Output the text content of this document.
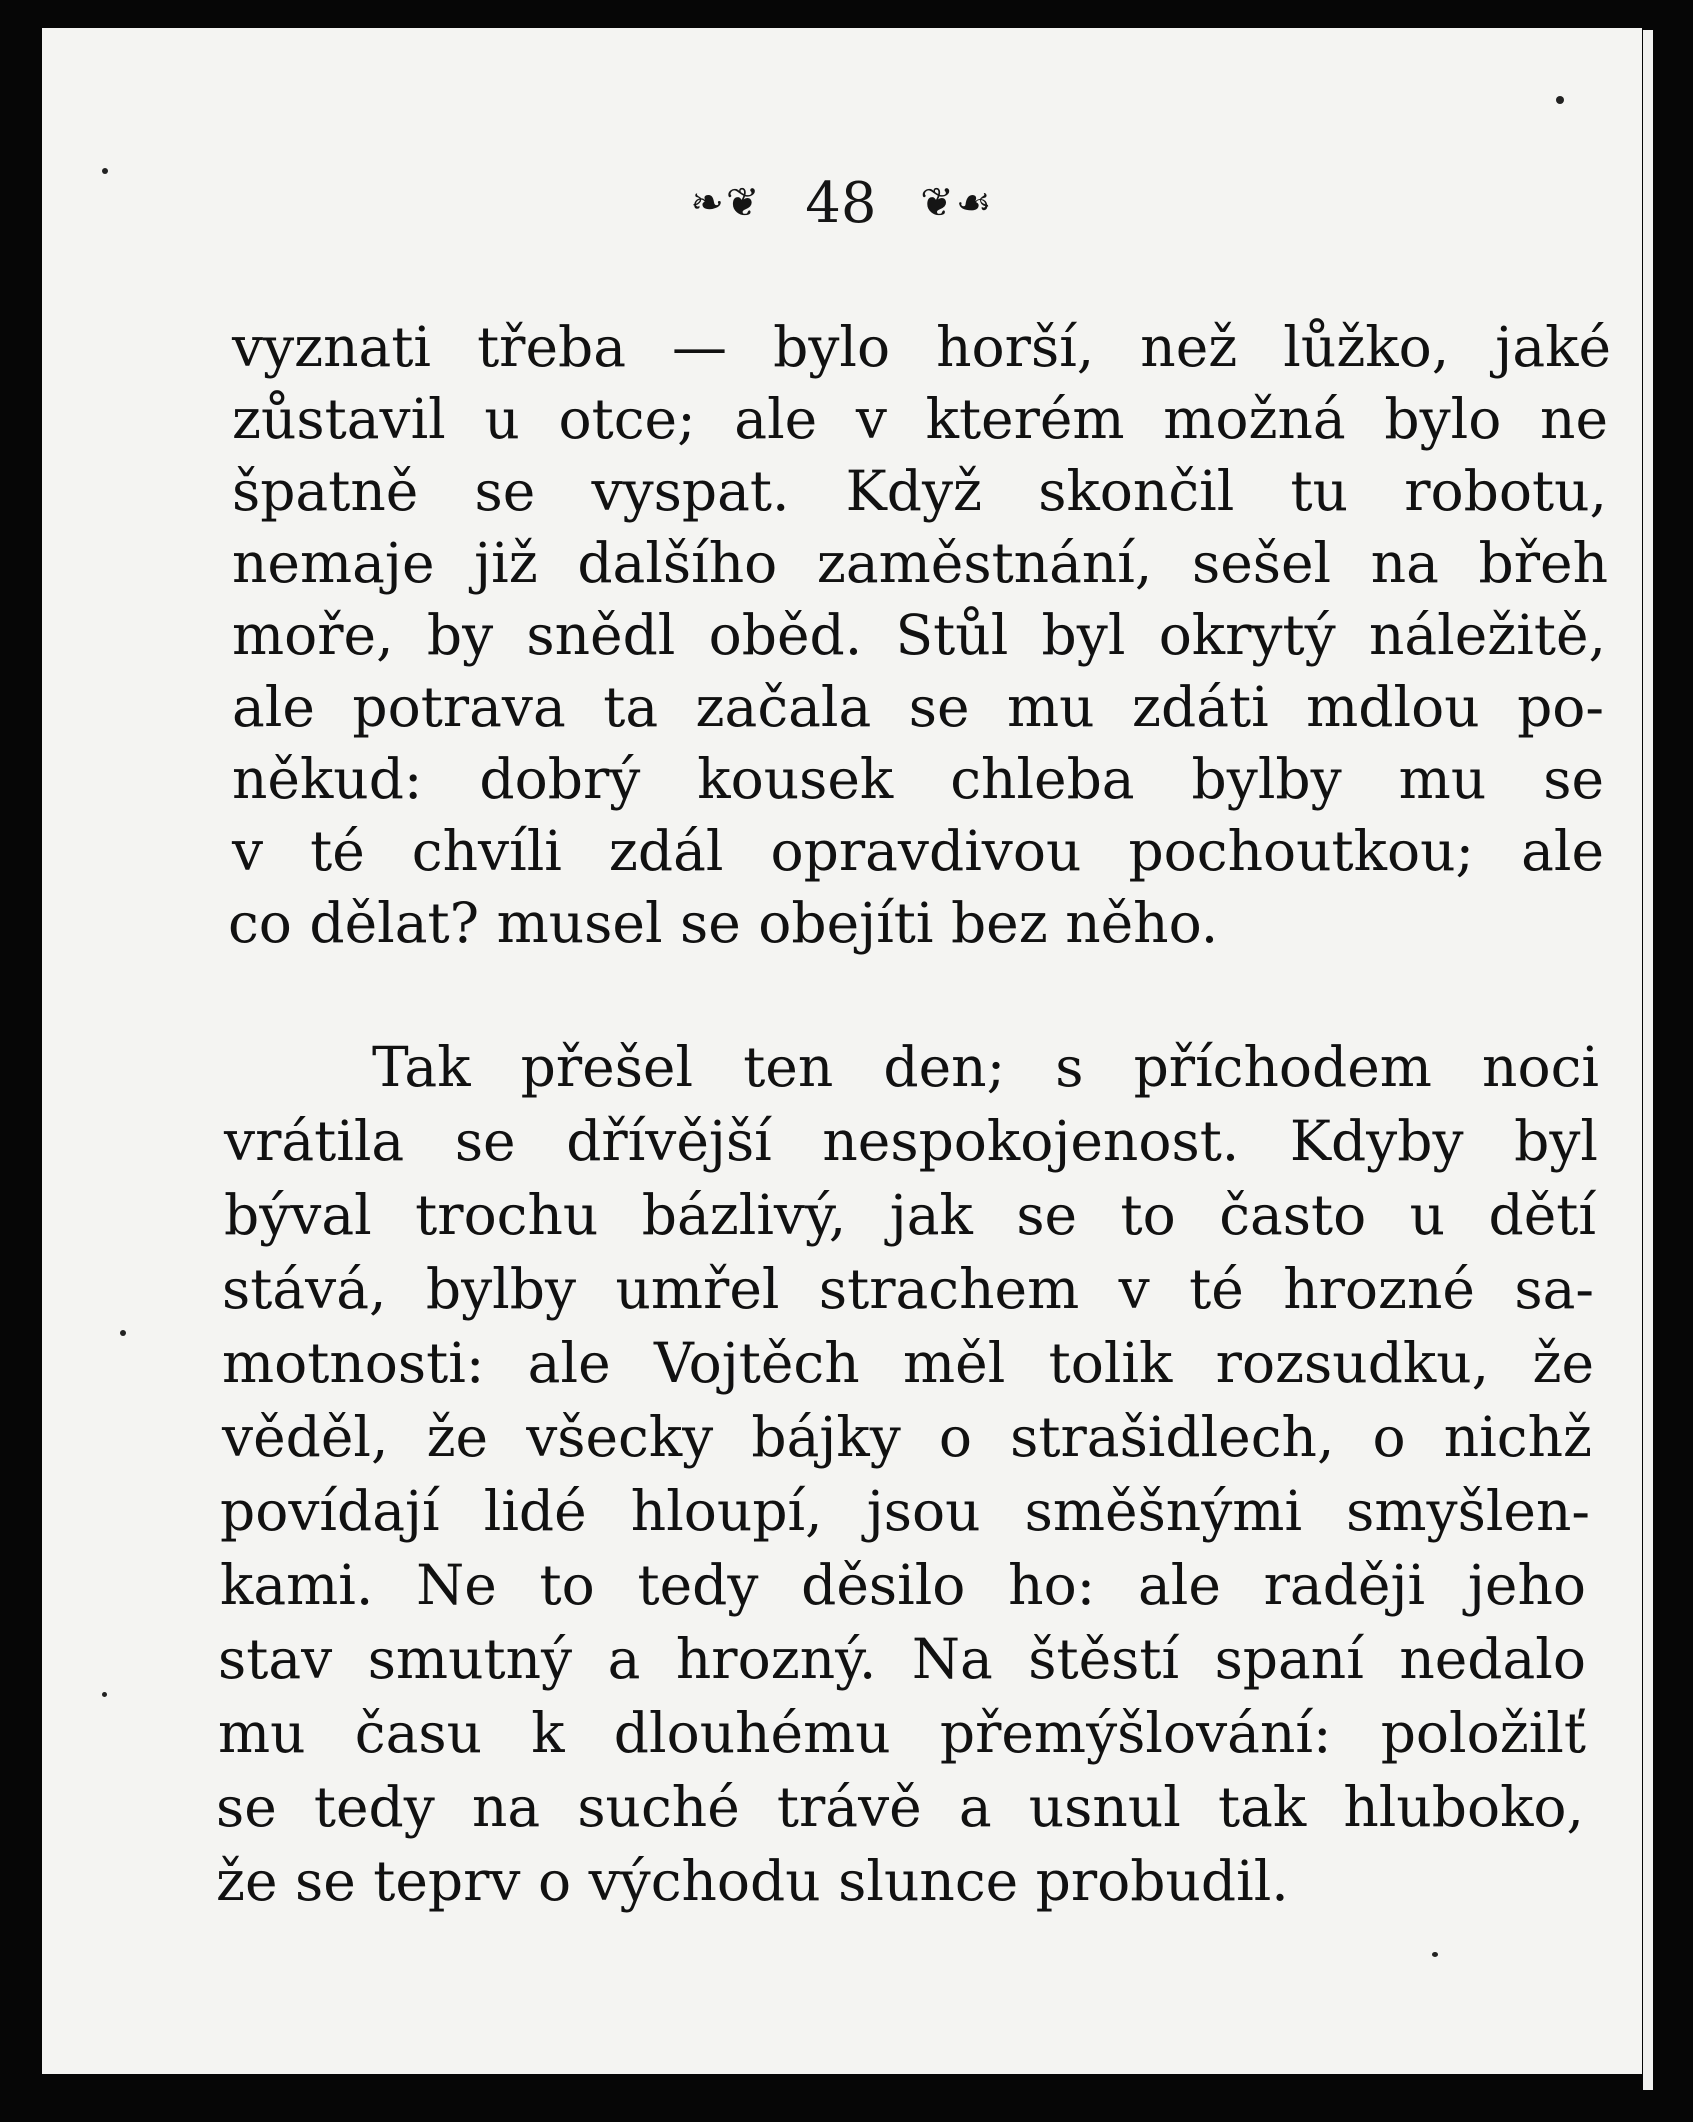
❧❦ 48 ❦☙
vyznati třeba — bylo horší, než lůžko, jaké
zůstavil u otce; ale v kterém možná bylo ne
špatně se vyspat. Když skončil tu robotu,
nemaje již dalšího zaměstnání, sešel na břeh
moře, by snědl oběd. Stůl byl okrytý náležitě,
ale potrava ta začala se mu zdáti mdlou po-
někud: dobrý kousek chleba bylby mu se
v té chvíli zdál opravdivou pochoutkou; ale
co dělat? musel se obejíti bez něho.
Tak přešel ten den; s příchodem noci
vrátila se dřívější nespokojenost. Kdyby byl
býval trochu bázlivý, jak se to často u dětí
stává, bylby umřel strachem v té hrozné sa-
motnosti: ale Vojtěch měl tolik rozsudku, že
věděl, že všecky bájky o strašidlech, o nichž
povídají lidé hloupí, jsou směšnými smyšlen-
kami. Ne to tedy děsilo ho: ale raději jeho
stav smutný a hrozný. Na štěstí spaní nedalo
mu času k dlouhému přemýšlování: položilť
se tedy na suché trávě a usnul tak hluboko,
že se teprv o východu slunce probudil.
